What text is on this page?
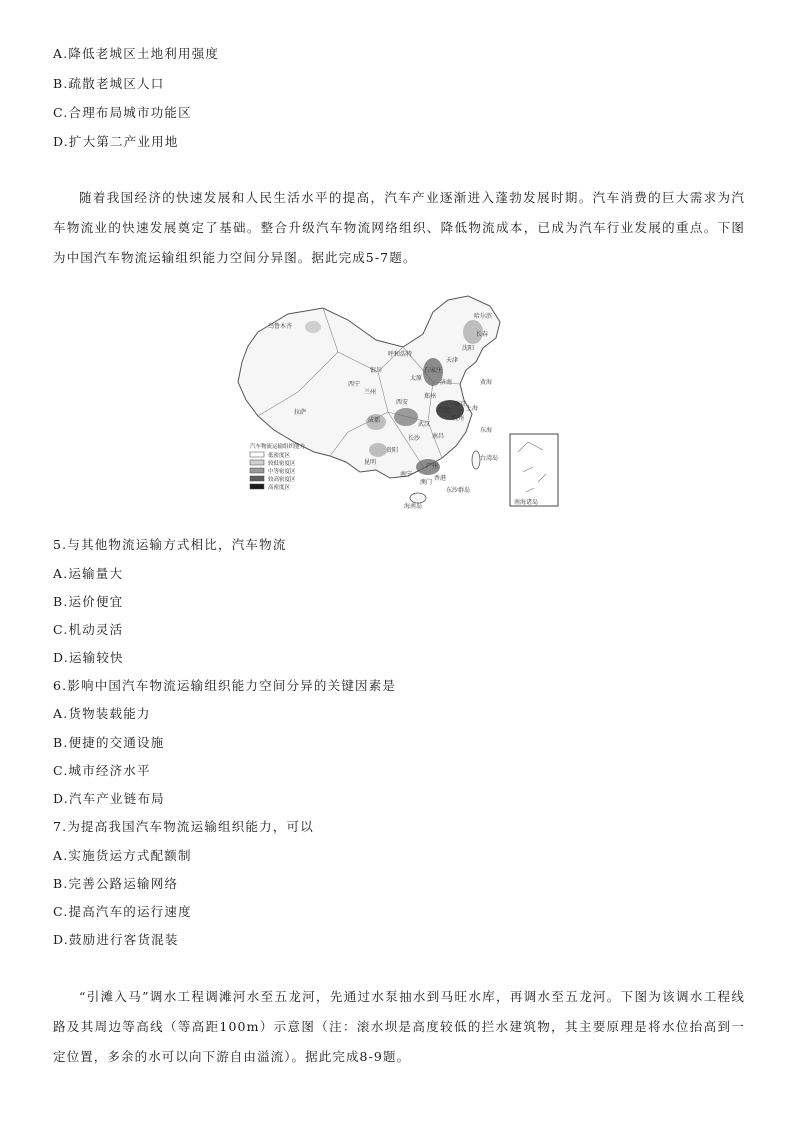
A.降低老城区土地利用强度
B.疏散老城区人口
C.合理布局城市功能区
D.扩大第二产业用地
随着我国经济的快速发展和人民生活水平的提高，汽车产业逐渐进入蓬勃发展时期。汽车消费的巨大需求为汽车物流业的快速发展奠定了基础。整合升级汽车物流网络组织、降低物流成本，已成为汽车行业发展的重点。下图为中国汽车物流运输组织能力空间分异图。据此完成5-7题。
乌鲁木齐
哈尔滨
长春
沈阳
呼和浩特
天津
石家庄
太原
济南
银川
西宁
兰州
郑州
西安
合肥
南京
上海
杭州
拉萨
成都
武汉
长沙 南昌
贵阳
昆明
南宁
广州
香港
澳门
台湾岛
海南岛
东沙群岛
东海
黄海
南海诸岛
汽车物流运输组织能力
低密度区
较低密度区
中等密度区
较高密度区
高密度区
5.与其他物流运输方式相比，汽车物流
A.运输量大
B.运价便宜
C.机动灵活
D.运输较快
6.影响中国汽车物流运输组织能力空间分异的关键因素是
A.货物装载能力
B.便捷的交通设施
C.城市经济水平
D.汽车产业链布局
7.为提高我国汽车物流运输组织能力，可以
A.实施货运方式配额制
B.完善公路运输网络
C.提高汽车的运行速度
D.鼓励进行客货混装
“引滩入马”调水工程调滩河水至五龙河，先通过水泵抽水到马旺水库，再调水至五龙河。下图为该调水工程线路及其周边等高线（等高距100m）示意图（注：滚水坝是高度较低的拦水建筑物，其主要原理是将水位抬高到一定位置，多余的水可以向下游自由溢流）。据此完成8-9题。
